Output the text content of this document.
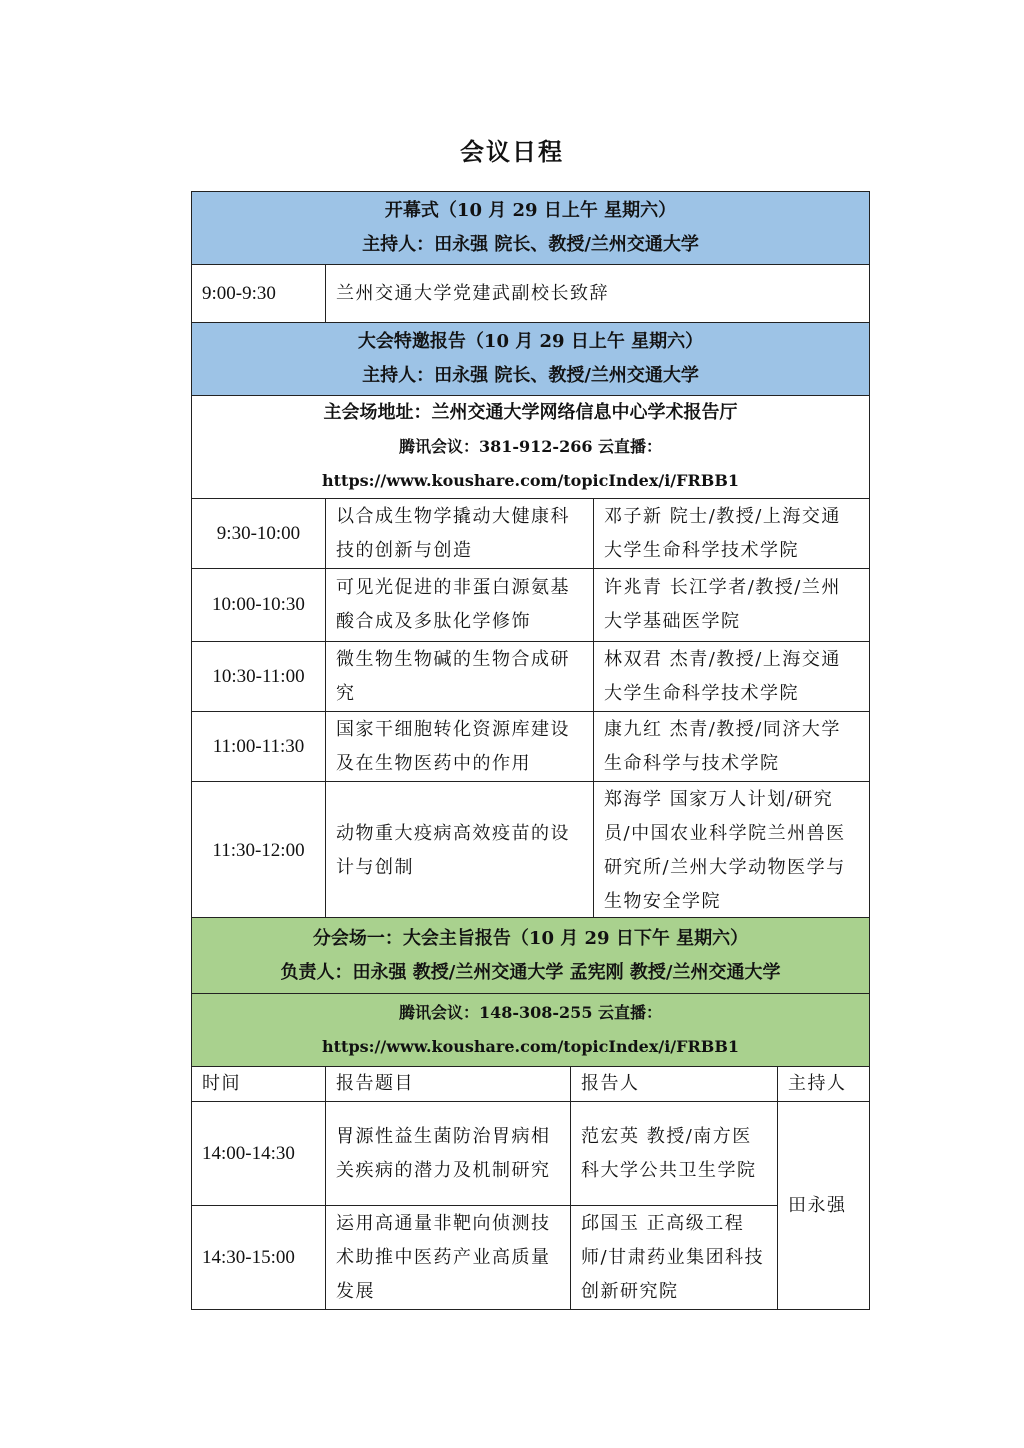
会议日程
开幕式（10 月 29 日上午 星期六）
主持人：田永强 院长、教授/兰州交通大学		

9:00-9:30	兰州交通大学党建武副校长致辞	

大会特邀报告（10 月 29 日上午 星期六）
主持人：田永强 院长、教授/兰州交通大学		

主会场地址：兰州交通大学网络信息中心学术报告厅
腾讯会议：381-912-266 云直播：https://www.koushare.com/topicIndex/i/FRBB1		

9:30-10:00	以合成生物学撬动大健康科技的创新与创造	邓子新 院士/教授/上海交通大学生命科学技术学院
10:00-10:30	可见光促进的非蛋白源氨基酸合成及多肽化学修饰	许兆青 长江学者/教授/兰州大学基础医学院
10:30-11:00	微生物生物碱的生物合成研究	林双君 杰青/教授/上海交通大学生命科学技术学院
11:00-11:30	国家干细胞转化资源库建设及在生物医药中的作用	康九红 杰青/教授/同济大学生命科学与技术学院
11:30-12:00	动物重大疫病高效疫苗的设计与创制	郑海学 国家万人计划/研究员/中国农业科学院兰州兽医研究所/兰州大学动物医学与生物安全学院
分会场一：大会主旨报告（10 月 29 日下午 星期六）
负责人：田永强 教授/兰州交通大学 孟宪刚 教授/兰州交通大学			

腾讯会议：148-308-255 云直播：https://www.koushare.com/topicIndex/i/FRBB1			
时间	报告题目	报告人	主持人
14:00-14:30	胃源性益生菌防治胃病相关疾病的潜力及机制研究	范宏英 教授/南方医科大学公共卫生学院	田永强
14:30-15:00	运用高通量非靶向侦测技术助推中医药产业高质量发展	邱国玉 正高级工程师/甘肃药业集团科技创新研究院	
